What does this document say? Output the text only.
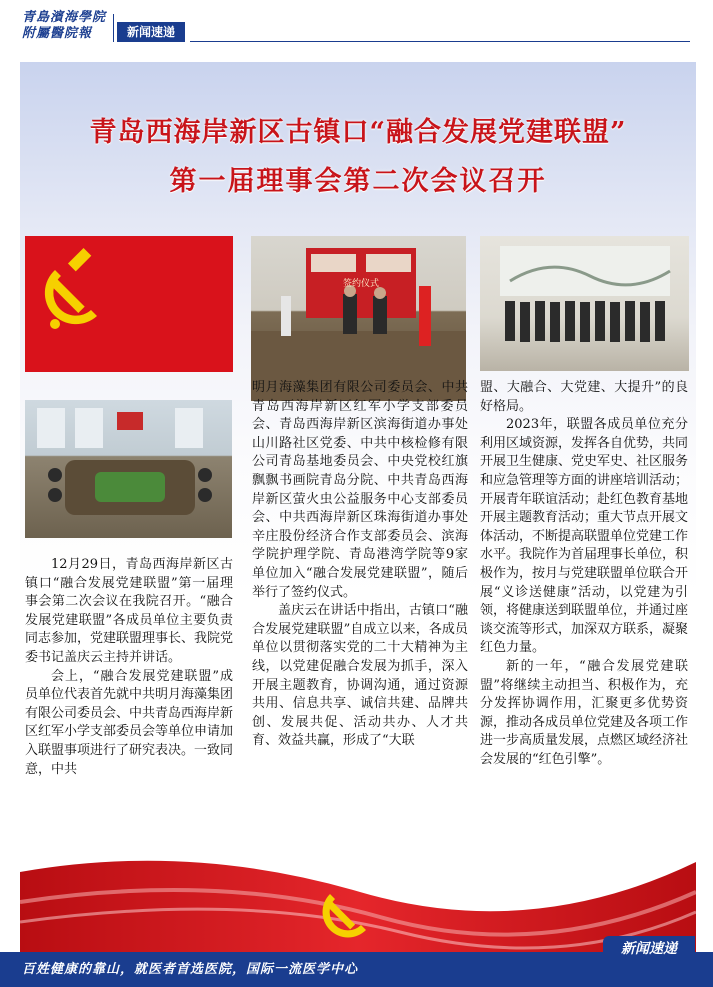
青島濱海學院
附屬醫院報	新闻速递
青岛西海岸新区古镇口“融合发展党建联盟”
第一届理事会第二次会议召开
签约仪式

12月29日，青岛西海岸新区古镇口“融合发展党建联盟”第一届理事会第二次会议在我院召开。“融合发展党建联盟”各成员单位主要负责同志参加，党建联盟理事长、我院党委书记盖庆云主持并讲话。

会上，“融合发展党建联盟”成员单位代表首先就中共明月海藻集团有限公司委员会、中共青岛西海岸新区红军小学支部委员会等单位申请加入联盟事项进行了研究表决。一致同意，中共

明月海藻集团有限公司委员会、中共青岛西海岸新区红军小学支部委员会、青岛西海岸新区滨海街道办事处山川路社区党委、中共中核检修有限公司青岛基地委员会、中央党校红旗飘飘书画院青岛分院、中共青岛西海岸新区萤火虫公益服务中心支部委员会、中共西海岸新区珠海街道办事处辛庄股份经济合作支部委员会、滨海学院护理学院、青岛港湾学院等9家单位加入“融合发展党建联盟”，随后举行了签约仪式。

盖庆云在讲话中指出，古镇口“融合发展党建联盟”自成立以来，各成员单位以贯彻落实党的二十大精神为主线，以党建促融合发展为抓手，深入开展主题教育，协调沟通，通过资源共用、信息共享、诚信共建、品牌共创、发展共促、活动共办、人才共育、效益共赢，形成了“大联

盟、大融合、大党建、大提升”的良好格局。

2023年，联盟各成员单位充分利用区域资源，发挥各自优势，共同开展卫生健康、党史军史、社区服务和应急管理等方面的讲座培训活动；开展青年联谊活动；赴红色教育基地开展主题教育活动；重大节点开展文体活动，不断提高联盟单位党建工作水平。我院作为首届理事长单位，积极作为，按月与党建联盟单位联合开展“义诊送健康”活动，以党建为引领，将健康送到联盟单位，并通过座谈交流等形式，加深双方联系，凝聚红色力量。

新的一年，“融合发展党建联盟”将继续主动担当、积极作为，充分发挥协调作用，汇聚更多优势资源，推动各成员单位党建及各项工作进一步高质量发展，点燃区域经济社会发展的“红色引擎”。

百姓健康的靠山，就医者首选医院，国际一流医学中心
新闻速递
